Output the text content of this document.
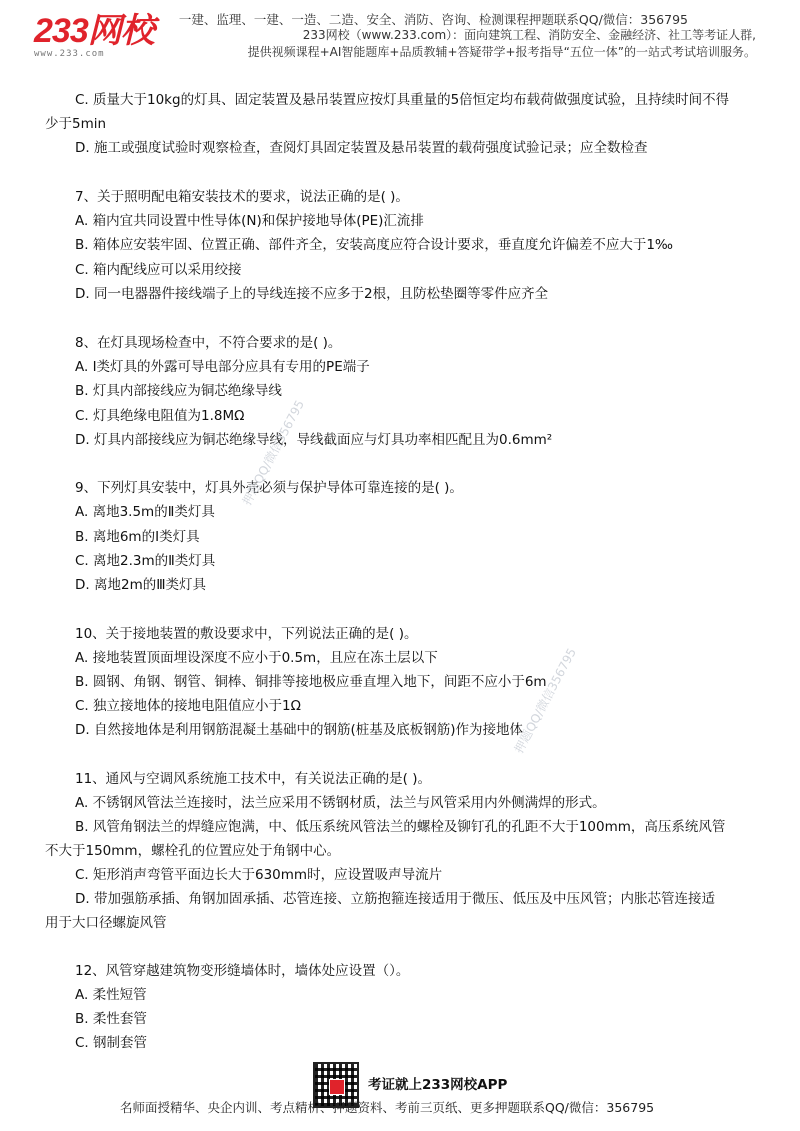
233网校
www.233.com
一建、监理、一建、一造、二造、安全、消防、咨询、检测课程押题联系QQ/微信：356795
233网校（www.233.com）：面向建筑工程、消防安全、金融经济、社工等考证人群,
提供视频课程+AI智能题库+品质教辅+答疑带学+报考指导“五位一体”的一站式考试培训服务。
C. 质量大于10kg的灯具、固定装置及悬吊装置应按灯具重量的5倍恒定均布载荷做强度试验，且持续时间不得
少于5min
D. 施工或强度试验时观察检查，查阅灯具固定装置及悬吊装置的载荷强度试验记录；应全数检查
7、关于照明配电箱安装技术的要求，说法正确的是( )。
A. 箱内宜共同设置中性导体(N)和保护接地导体(PE)汇流排
B. 箱体应安装牢固、位置正确、部件齐全，安装高度应符合设计要求，垂直度允许偏差不应大于1‰
C. 箱内配线应可以采用绞接
D. 同一电器器件接线端子上的导线连接不应多于2根，且防松垫圈等零件应齐全
8、在灯具现场检查中，不符合要求的是( )。
A. Ⅰ类灯具的外露可导电部分应具有专用的PE端子
B. 灯具内部接线应为铜芯绝缘导线
C. 灯具绝缘电阻值为1.8MΩ
D. 灯具内部接线应为铜芯绝缘导线，导线截面应与灯具功率相匹配且为0.6mm²
9、下列灯具安装中，灯具外壳必须与保护导体可靠连接的是( )。
A. 离地3.5m的Ⅱ类灯具
B. 离地6m的Ⅰ类灯具
C. 离地2.3m的Ⅱ类灯具
D. 离地2m的Ⅲ类灯具
10、关于接地装置的敷设要求中，下列说法正确的是( )。
A. 接地装置顶面埋设深度不应小于0.5m，且应在冻土层以下
B. 圆钢、角钢、钢管、铜棒、铜排等接地极应垂直埋入地下，间距不应小于6m
C. 独立接地体的接地电阻值应小于1Ω
D. 自然接地体是利用钢筋混凝土基础中的钢筋(桩基及底板钢筋)作为接地体
11、通风与空调风系统施工技术中，有关说法正确的是( )。
A. 不锈钢风管法兰连接时，法兰应采用不锈钢材质，法兰与风管采用内外侧满焊的形式。
B. 风管角钢法兰的焊缝应饱满，中、低压系统风管法兰的螺栓及铆钉孔的孔距不大于100mm，高压系统风管
不大于150mm，螺栓孔的位置应处于角钢中心。
C. 矩形消声弯管平面边长大于630mm时，应设置吸声导流片
D. 带加强筋承插、角钢加固承插、芯管连接、立筋抱箍连接适用于微压、低压及中压风管；内胀芯管连接适
用于大口径螺旋风管
12、风管穿越建筑物变形缝墙体时，墙体处应设置（）。
A. 柔性短管
B. 柔性套管
C. 钢制套管
押题QQ/微信356795
押题QQ/微信356795
考证就上233网校APP
名师面授精华、央企内训、考点精析、押题资料、考前三页纸、更多押题联系QQ/微信：356795
